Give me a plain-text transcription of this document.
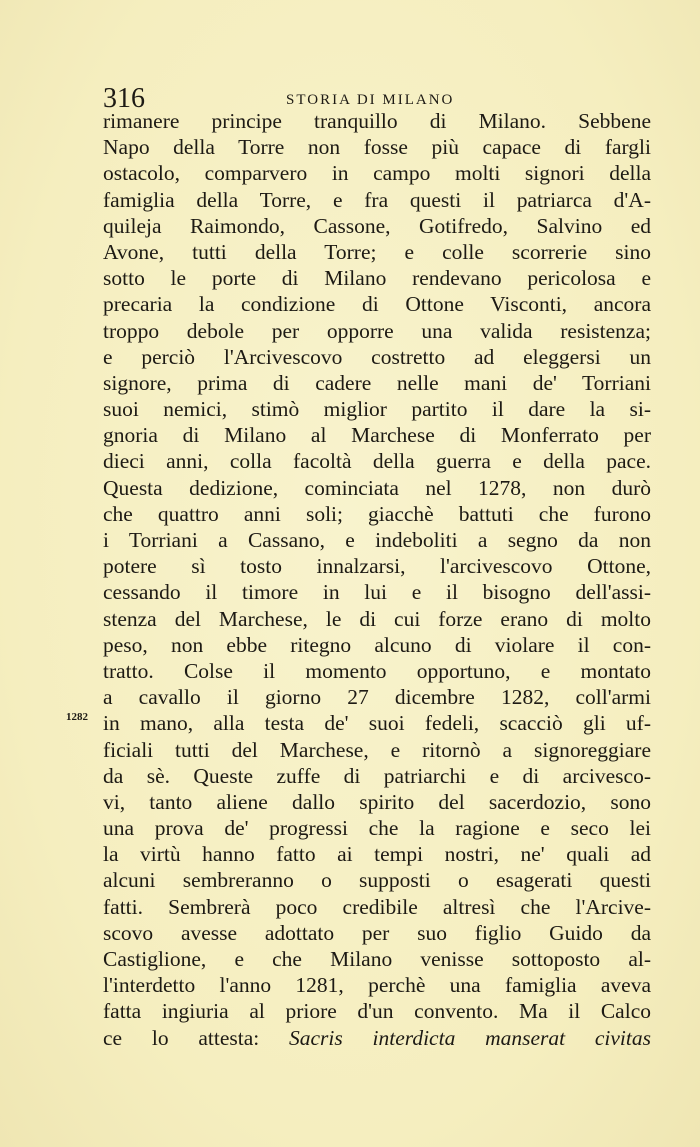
316	STORIA DI MILANO
1282
rimanere principe tranquillo di Milano. Sebbene
Napo della Torre non fosse più capace di fargli
ostacolo, comparvero in campo molti signori della
famiglia della Torre, e fra questi il patriarca d'A-
quileja Raimondo, Cassone, Gotifredo, Salvino ed
Avone, tutti della Torre; e colle scorrerie sino
sotto le porte di Milano rendevano pericolosa e
precaria la condizione di Ottone Visconti, ancora
troppo debole per opporre una valida resistenza;
e perciò l'Arcivescovo costretto ad eleggersi un
signore, prima di cadere nelle mani de' Torriani
suoi nemici, stimò miglior partito il dare la si-
gnoria di Milano al Marchese di Monferrato per
dieci anni, colla facoltà della guerra e della pace.
Questa dedizione, cominciata nel 1278, non durò
che quattro anni soli; giacchè battuti che furono
i Torriani a Cassano, e indeboliti a segno da non
potere sì tosto innalzarsi, l'arcivescovo Ottone,
cessando il timore in lui e il bisogno dell'assi-
stenza del Marchese, le di cui forze erano di molto
peso, non ebbe ritegno alcuno di violare il con-
tratto. Colse il momento opportuno, e montato
a cavallo il giorno 27 dicembre 1282, coll'armi
in mano, alla testa de' suoi fedeli, scacciò gli uf-
ficiali tutti del Marchese, e ritornò a signoreggiare
da sè. Queste zuffe di patriarchi e di arcivesco-
vi, tanto aliene dallo spirito del sacerdozio, sono
una prova de' progressi che la ragione e seco lei
la virtù hanno fatto ai tempi nostri, ne' quali ad
alcuni sembreranno o supposti o esagerati questi
fatti. Sembrerà poco credibile altresì che l'Arcive-
scovo avesse adottato per suo figlio Guido da
Castiglione, e che Milano venisse sottoposto al-
l'interdetto l'anno 1281, perchè una famiglia aveva
fatta ingiuria al priore d'un convento. Ma il Calco
ce lo attesta: Sacris interdicta manserat civitas
